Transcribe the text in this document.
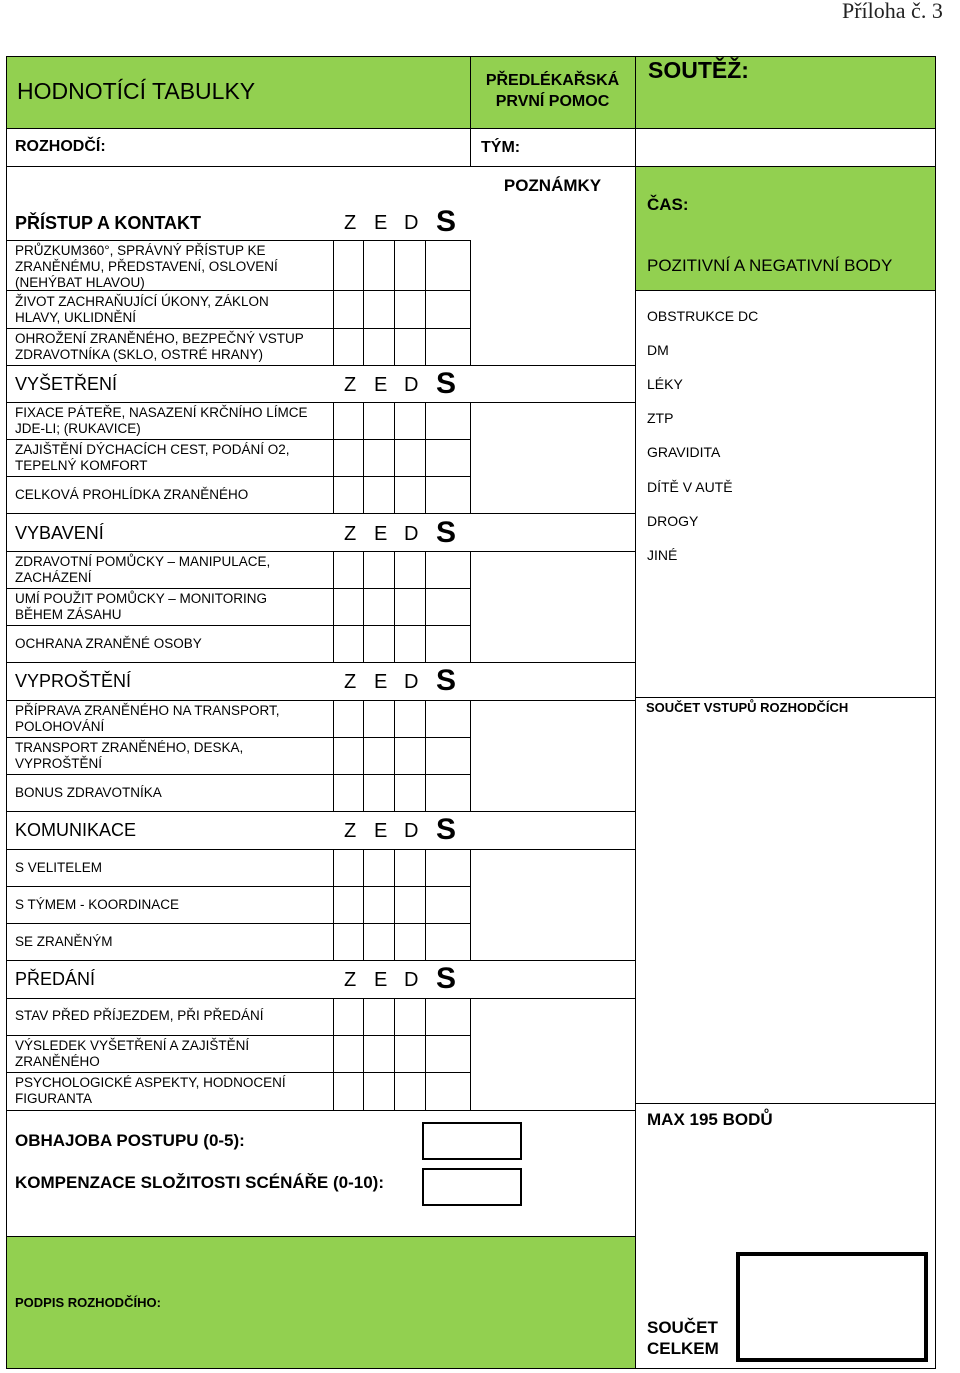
Příloha č. 3
HODNOTÍCÍ TABULKY	PŘEDLÉKAŘSKÁ
PRVNÍ POMOC
SOUTĚŽ:
ROZHODČÍ:	TÝM:
POZNÁMKY
PŘÍSTUP A KONTAKT	Z E D S
PRŮZKUM360°, SPRÁVNÝ PŘÍSTUP KE ZRANĚNÉMU, PŘEDSTAVENÍ, OSLOVENÍ (NEHÝBAT HLAVOU)
ŽIVOT ZACHRAŇUJÍCÍ ÚKONY, ZÁKLON HLAVY, UKLIDNĚNÍ
OHROŽENÍ ZRANĚNÉHO, BEZPEČNÝ VSTUP ZDRAVOTNÍKA (SKLO, OSTRÉ HRANY)
VYŠETŘENÍ	Z E D S
FIXACE PÁTEŘE, NASAZENÍ KRČNÍHO LÍMCE JDE-LI; (RUKAVICE)
ZAJIŠTĚNÍ DÝCHACÍCH CEST, PODÁNÍ O2, TEPELNÝ KOMFORT
CELKOVÁ PROHLÍDKA ZRANĚNÉHO
VYBAVENÍ	Z E D S
ZDRAVOTNÍ POMŮCKY – MANIPULACE, ZACHÁZENÍ
UMÍ POUŽIT POMŮCKY – MONITORING BĚHEM ZÁSAHU
OCHRANA ZRANĚNÉ OSOBY
VYPROŠTĚNÍ	Z E D S
PŘÍPRAVA ZRANĚNÉHO NA TRANSPORT, POLOHOVÁNÍ
TRANSPORT ZRANĚNÉHO, DESKA, VYPROŠTĚNÍ
BONUS ZDRAVOTNÍKA
KOMUNIKACE	Z E D S
S VELITELEM
S TÝMEM - KOORDINACE
SE ZRANĚNÝM
PŘEDÁNÍ	Z E D S
STAV PŘED PŘÍJEZDEM, PŘI PŘEDÁNÍ
VÝSLEDEK VYŠETŘENÍ A ZAJIŠTĚNÍ ZRANĚNÉHO
PSYCHOLOGICKÉ ASPEKTY, HODNOCENÍ FIGURANTA
OBHAJOBA POSTUPU (0-5):
KOMPENZACE SLOŽITOSTI SCÉNÁŘE (0-10):
PODPIS ROZHODČÍHO:
ČAS:
POZITIVNÍ A NEGATIVNÍ BODY
OBSTRUKCE DC
DM
LÉKY
ZTP
GRAVIDITA
DÍTĚ V AUTĚ
DROGY
JINÉ
SOUČET VSTUPŮ ROZHODČÍCH
MAX 195 BODŮ
SOUČET
CELKEM
